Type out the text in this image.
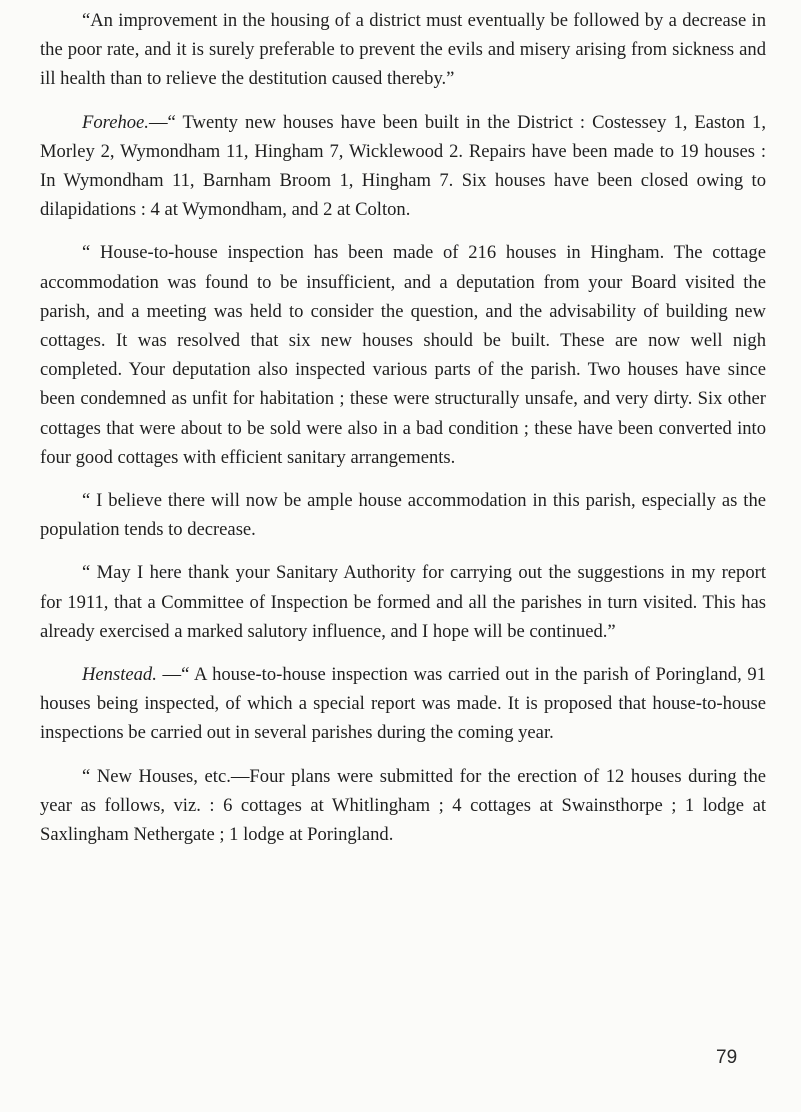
“An improvement in the housing of a district must eventually be followed by a decrease in the poor rate, and it is surely preferable to prevent the evils and misery arising from sickness and ill health than to relieve the destitution caused thereby.”

Forehoe.—“ Twenty new houses have been built in the District : Costessey 1, Easton 1, Morley 2, Wymondham 11, Hingham 7, Wicklewood 2. Repairs have been made to 19 houses : In Wymondham 11, Barnham Broom 1, Hingham 7. Six houses have been closed owing to dilapidations : 4 at Wymondham, and 2 at Colton.

“ House-to-house inspection has been made of 216 houses in Hingham. The cottage accommodation was found to be insufficient, and a deputation from your Board visited the parish, and a meeting was held to consider the question, and the advisability of building new cottages. It was resolved that six new houses should be built. These are now well nigh completed. Your deputation also inspected various parts of the parish. Two houses have since been condemned as unfit for habitation ; these were structurally unsafe, and very dirty. Six other cottages that were about to be sold were also in a bad condition ; these have been converted into four good cottages with efficient sanitary arrangements.

“ I believe there will now be ample house accommodation in this parish, especially as the population tends to decrease.

“ May I here thank your Sanitary Authority for carrying out the suggestions in my report for 1911, that a Committee of Inspection be formed and all the parishes in turn visited. This has already exercised a marked salutory influence, and I hope will be continued.”

Henstead. —“ A house-to-house inspection was carried out in the parish of Poringland, 91 houses being inspected, of which a special report was made. It is proposed that house-to-house inspections be carried out in several parishes during the coming year.

“ New Houses, etc.—Four plans were submitted for the erection of 12 houses during the year as follows, viz. : 6 cottages at Whitlingham ; 4 cottages at Swainsthorpe ; 1 lodge at Saxlingham Nethergate ; 1 lodge at Poringland.

79
